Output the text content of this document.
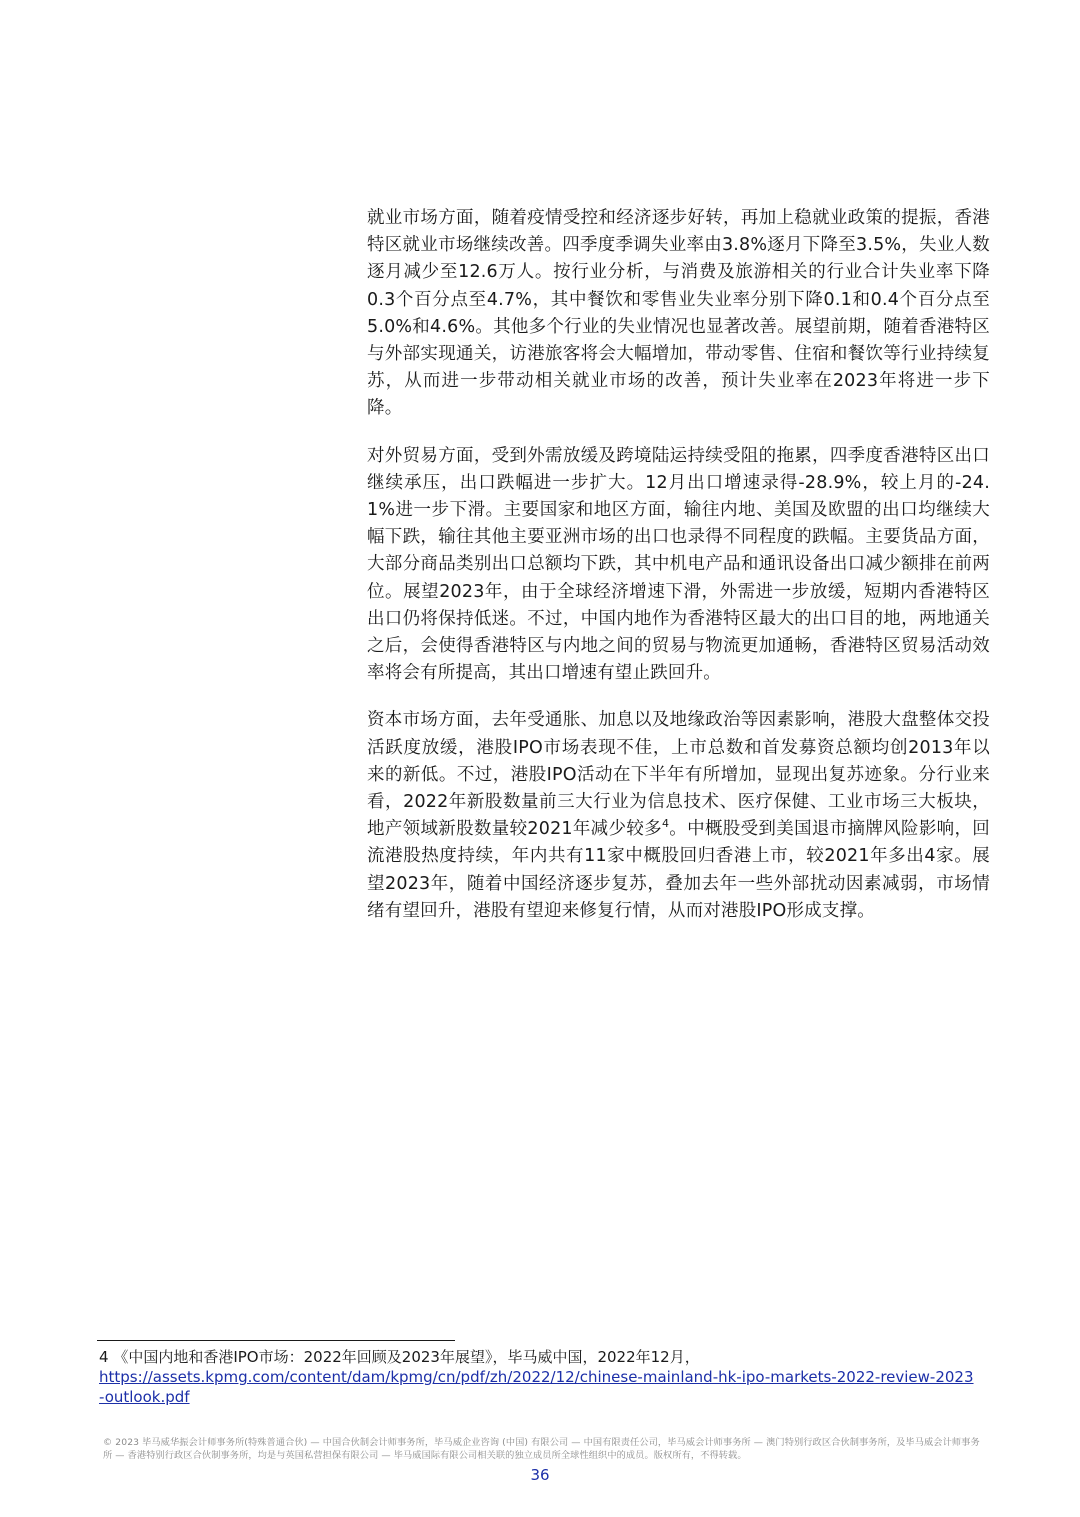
就业市场方面，随着疫情受控和经济逐步好转，再加上稳就业政策的提振，香港特区就业市场继续改善。四季度季调失业率由3.8%逐月下降至3.5%，失业人数逐月减少至12.6万人。按行业分析，与消费及旅游相关的行业合计失业率下降0.3个百分点至4.7%，其中餐饮和零售业失业率分别下降0.1和0.4个百分点至5.0%和4.6%。其他多个行业的失业情况也显著改善。展望前期，随着香港特区与外部实现通关，访港旅客将会大幅增加，带动零售、住宿和餐饮等行业持续复苏，从而进一步带动相关就业市场的改善，预计失业率在2023年将进一步下降。

对外贸易方面，受到外需放缓及跨境陆运持续受阻的拖累，四季度香港特区出口继续承压，出口跌幅进一步扩大。12月出口增速录得-28.9%，较上月的-24.1%进一步下滑。主要国家和地区方面，输往内地、美国及欧盟的出口均继续大幅下跌，输往其他主要亚洲市场的出口也录得不同程度的跌幅。主要货品方面，大部分商品类别出口总额均下跌，其中机电产品和通讯设备出口减少额排在前两位。展望2023年，由于全球经济增速下滑，外需进一步放缓，短期内香港特区出口仍将保持低迷。不过，中国内地作为香港特区最大的出口目的地，两地通关之后，会使得香港特区与内地之间的贸易与物流更加通畅，香港特区贸易活动效率将会有所提高，其出口增速有望止跌回升。

资本市场方面，去年受通胀、加息以及地缘政治等因素影响，港股大盘整体交投活跃度放缓，港股IPO市场表现不佳，上市总数和首发募资总额均创2013年以来的新低。不过，港股IPO活动在下半年有所增加，显现出复苏迹象。分行业来看，2022年新股数量前三大行业为信息技术、医疗保健、工业市场三大板块，地产领域新股数量较2021年减少较多$^4$。中概股受到美国退市摘牌风险影响，回流港股热度持续，年内共有11家中概股回归香港上市，较2021年多出4家。展望2023年，随着中国经济逐步复苏，叠加去年一些外部扰动因素减弱，市场情绪有望回升，港股有望迎来修复行情，从而对港股IPO形成支撑。

4 《中国内地和香港IPO市场：2022年回顾及2023年展望》，毕马威中国，2022年12月，
https://assets.kpmg.com/content/dam/kpmg/cn/pdf/zh/2022/12/chinese-mainland-hk-ipo-markets-2022-review-2023-outlook.pdf
© 2023 毕马威华振会计师事务所(特殊普通合伙) — 中国合伙制会计师事务所，毕马威企业咨询 (中国) 有限公司 — 中国有限责任公司，毕马威会计师事务所 — 澳门特别行政区合伙制事务所，及毕马威会计师事务所 — 香港特别行政区合伙制事务所，均是与英国私营担保有限公司 — 毕马威国际有限公司相关联的独立成员所全球性组织中的成员。版权所有，不得转载。
36
